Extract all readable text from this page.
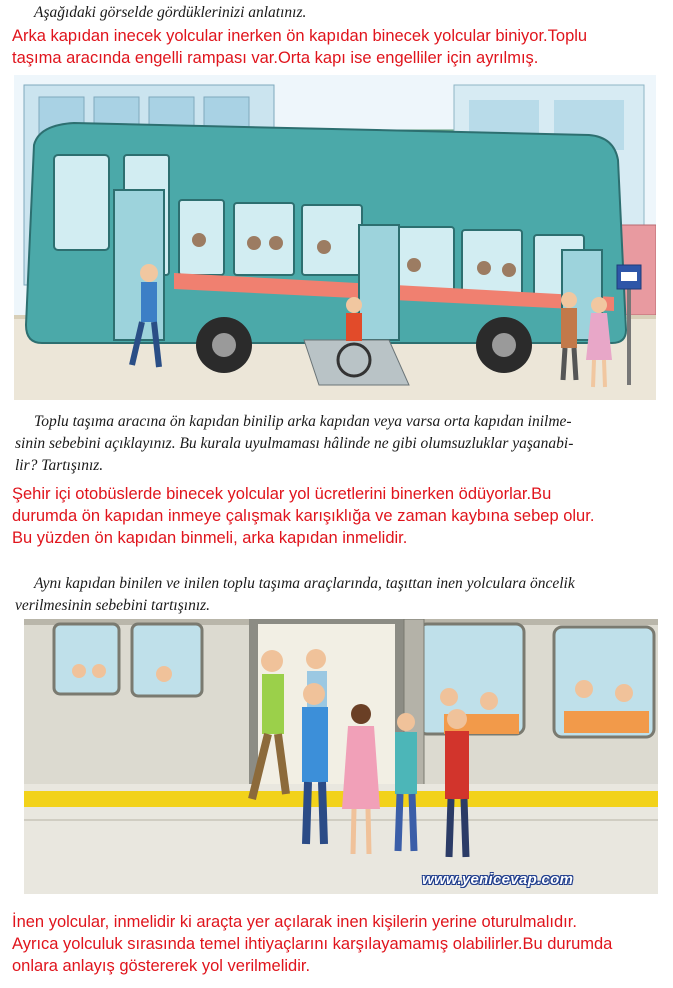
Aşağıdaki görselde gördüklerinizi anlatınız.

Arka kapıdan inecek yolcular inerken ön kapıdan binecek yolcular biniyor.Toplu

taşıma aracında engelli rampası var.Orta kapı ise engelliler için ayrılmış.

Toplu taşıma aracına ön kapıdan binilip arka kapıdan veya varsa orta kapıdan inilme-

sinin sebebini açıklayınız. Bu kurala uyulmaması hâlinde ne gibi olumsuzluklar yaşanabi-

lir? Tartışınız.

Şehir içi otobüslerde binecek yolcular yol ücretlerini binerken ödüyorlar.Bu

durumda ön kapıdan inmeye çalışmak karışıklığa ve zaman kaybına sebep olur.

Bu yüzden ön kapıdan binmeli, arka kapıdan inmelidir.

Aynı kapıdan binilen ve inilen toplu taşıma araçlarında, taşıttan inen yolculara öncelik

verilmesinin sebebini tartışınız.

www.yenicevap.com

İnen yolcular, inmelidir ki araçta yer açılarak inen kişilerin yerine oturulmalıdır.

Ayrıca yolculuk sırasında temel ihtiyaçlarını karşılayamamış olabilirler.Bu durumda

onlara anlayış göstererek yol verilmelidir.
